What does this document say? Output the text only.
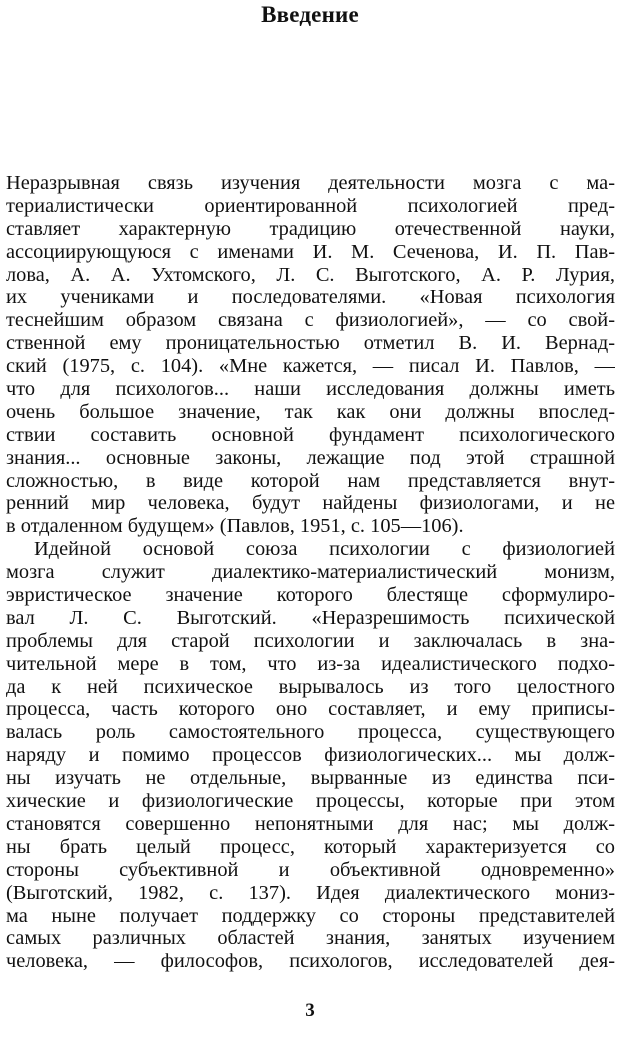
Введение
Неразрывная связь изучения деятельности мозга с ма-
териалистически ориентированной психологией пред-
ставляет характерную традицию отечественной науки,
ассоциирующуюся с именами И. М. Сеченова, И. П. Пав-
лова, А. А. Ухтомского, Л. С. Выготского, А. Р. Лурия,
их учениками и последователями. «Новая психология
теснейшим образом связана с физиологией», — со свой-
ственной ему проницательностью отметил В. И. Вернад-
ский (1975, с. 104). «Мне кажется, — писал И. Павлов, —
что для психологов... наши исследования должны иметь
очень большое значение, так как они должны впослед-
ствии составить основной фундамент психологического
знания... основные законы, лежащие под этой страшной
сложностью, в виде которой нам представляется внут-
ренний мир человека, будут найдены физиологами, и не
в отдаленном будущем» (Павлов, 1951, с. 105—106).
Идейной основой союза психологии с физиологией
мозга служит диалектико-материалистический монизм,
эвристическое значение которого блестяще сформулиро-
вал Л. С. Выготский. «Неразрешимость психической
проблемы для старой психологии и заключалась в зна-
чительной мере в том, что из-за идеалистического подхо-
да к ней психическое вырывалось из того целостного
процесса, часть которого оно составляет, и ему приписы-
валась роль самостоятельного процесса, существующего
наряду и помимо процессов физиологических... мы долж-
ны изучать не отдельные, вырванные из единства пси-
хические и физиологические процессы, которые при этом
становятся совершенно непонятными для нас; мы долж-
ны брать целый процесс, который характеризуется со
стороны субъективной и объективной одновременно»
(Выготский, 1982, с. 137). Идея диалектического мониз-
ма ныне получает поддержку со стороны представителей
самых различных областей знания, занятых изучением
человека, — философов, психологов, исследователей дея-
3
